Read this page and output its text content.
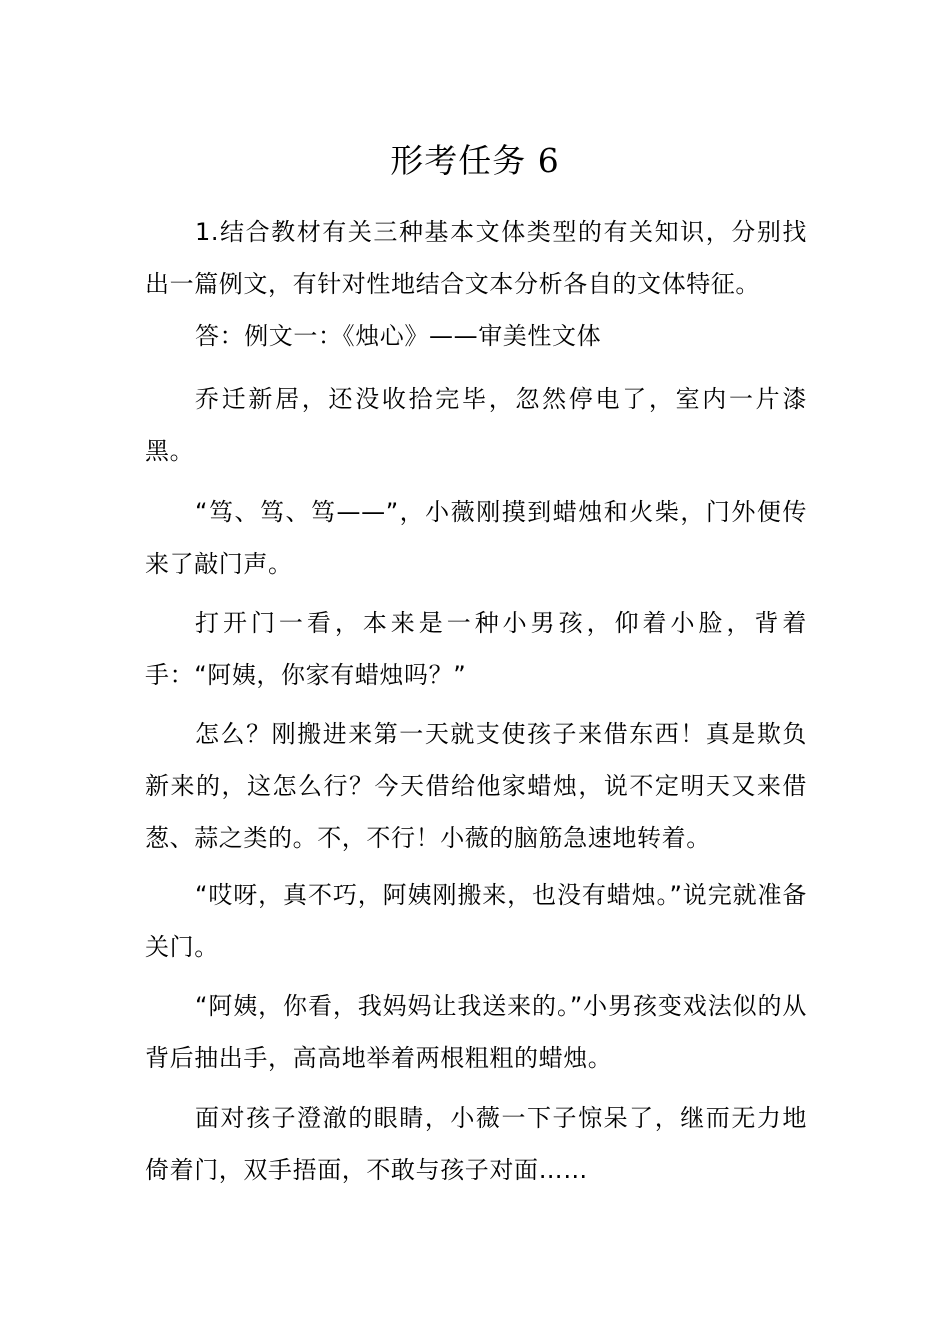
形考任务 6

1.结合教材有关三种基本文体类型的有关知识，分别找出一篇例文，有针对性地结合文本分析各自的文体特征。

答：例文一：《烛心》——审美性文体

乔迁新居，还没收拾完毕，忽然停电了，室内一片漆黑。

“笃、笃、笃——”，小薇刚摸到蜡烛和火柴，门外便传来了敲门声。

打开门一看，本来是一种小男孩，仰着小脸，背着手：“阿姨，你家有蜡烛吗？”

怎么？刚搬进来第一天就支使孩子来借东西！真是欺负新来的，这怎么行？今天借给他家蜡烛，说不定明天又来借葱、蒜之类的。不，不行！小薇的脑筋急速地转着。

“哎呀，真不巧，阿姨刚搬来，也没有蜡烛。”说完就准备关门。

“阿姨，你看，我妈妈让我送来的。”小男孩变戏法似的从背后抽出手，高高地举着两根粗粗的蜡烛。

面对孩子澄澈的眼睛，小薇一下子惊呆了，继而无力地倚着门，双手捂面，不敢与孩子对面……
